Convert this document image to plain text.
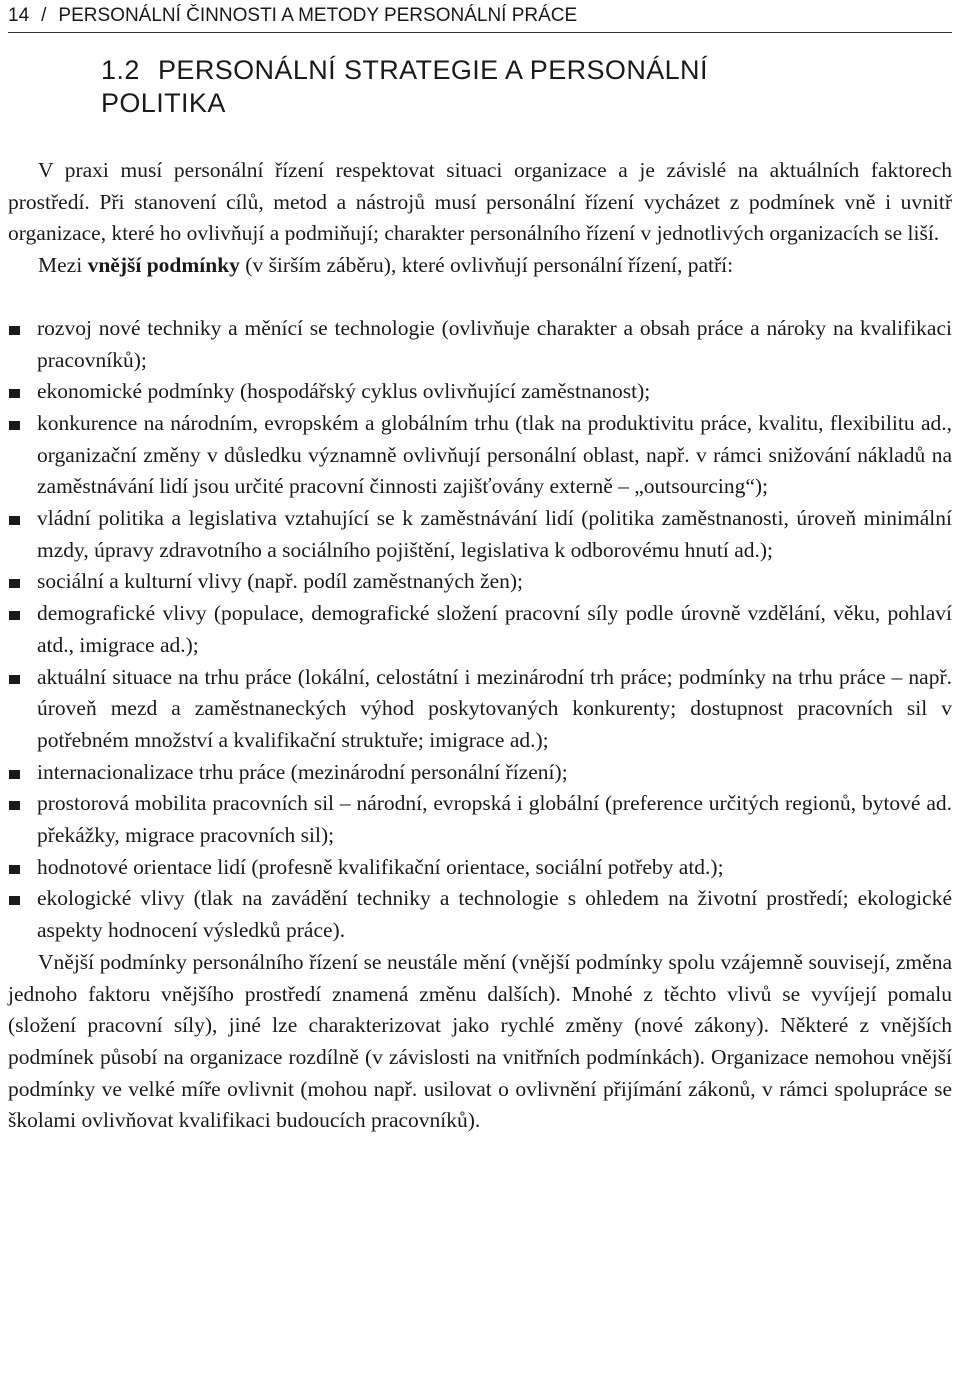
14 / PERSONÁLNÍ ČINNOSTI A METODY PERSONÁLNÍ PRÁCE
1.2 PERSONÁLNÍ STRATEGIE A PERSONÁLNÍ
POLITIKA

V praxi musí personální řízení respektovat situaci organizace a je závislé na aktuálních faktorech prostředí. Při stanovení cílů, metod a nástrojů musí personální řízení vycházet z podmínek vně i uvnitř organizace, které ho ovlivňují a podmiňují; charakter personálního řízení v jednotlivých organizacích se liší.

Mezi vnější podmínky (v širším záběru), které ovlivňují personální řízení, patří:

rozvoj nové techniky a měnící se technologie (ovlivňuje charakter a obsah práce a nároky na kvalifikaci pracovníků);
ekonomické podmínky (hospodářský cyklus ovlivňující zaměstnanost);
konkurence na národním, evropském a globálním trhu (tlak na produktivitu práce, kvalitu, flexibilitu ad., organizační změny v důsledku významně ovlivňují personální oblast, např. v rámci snižování nákladů na zaměstnávání lidí jsou určité pracovní činnosti zajišťovány externě – „outsourcing“);
vládní politika a legislativa vztahující se k zaměstnávání lidí (politika zaměstnanosti, úroveň minimální mzdy, úpravy zdravotního a sociálního pojištění, legislativa k odborovému hnutí ad.);
sociální a kulturní vlivy (např. podíl zaměstnaných žen);
demografické vlivy (populace, demografické složení pracovní síly podle úrovně vzdělání, věku, pohlaví atd., imigrace ad.);
aktuální situace na trhu práce (lokální, celostátní i mezinárodní trh práce; podmínky na trhu práce – např. úroveň mezd a zaměstnaneckých výhod poskytovaných konkurenty; dostupnost pracovních sil v potřebném množství a kvalifikační struktuře; imigrace ad.);
internacionalizace trhu práce (mezinárodní personální řízení);
prostorová mobilita pracovních sil – národní, evropská i globální (preference určitých regionů, bytové ad. překážky, migrace pracovních sil);
hodnotové orientace lidí (profesně kvalifikační orientace, sociální potřeby atd.);
ekologické vlivy (tlak na zavádění techniky a technologie s ohledem na životní prostředí; ekologické aspekty hodnocení výsledků práce).

Vnější podmínky personálního řízení se neustále mění (vnější podmínky spolu vzájemně souvisejí, změna jednoho faktoru vnějšího prostředí znamená změnu dalších). Mnohé z těchto vlivů se vyvíjejí pomalu (složení pracovní síly), jiné lze charakterizovat jako rychlé změny (nové zákony). Některé z vnějších podmínek působí na organizace rozdílně (v závislosti na vnitřních podmínkách). Organizace nemohou vnější podmínky ve velké míře ovlivnit (mohou např. usilovat o ovlivnění přijímání zákonů, v rámci spolupráce se školami ovlivňovat kvalifikaci budoucích pracovníků).
